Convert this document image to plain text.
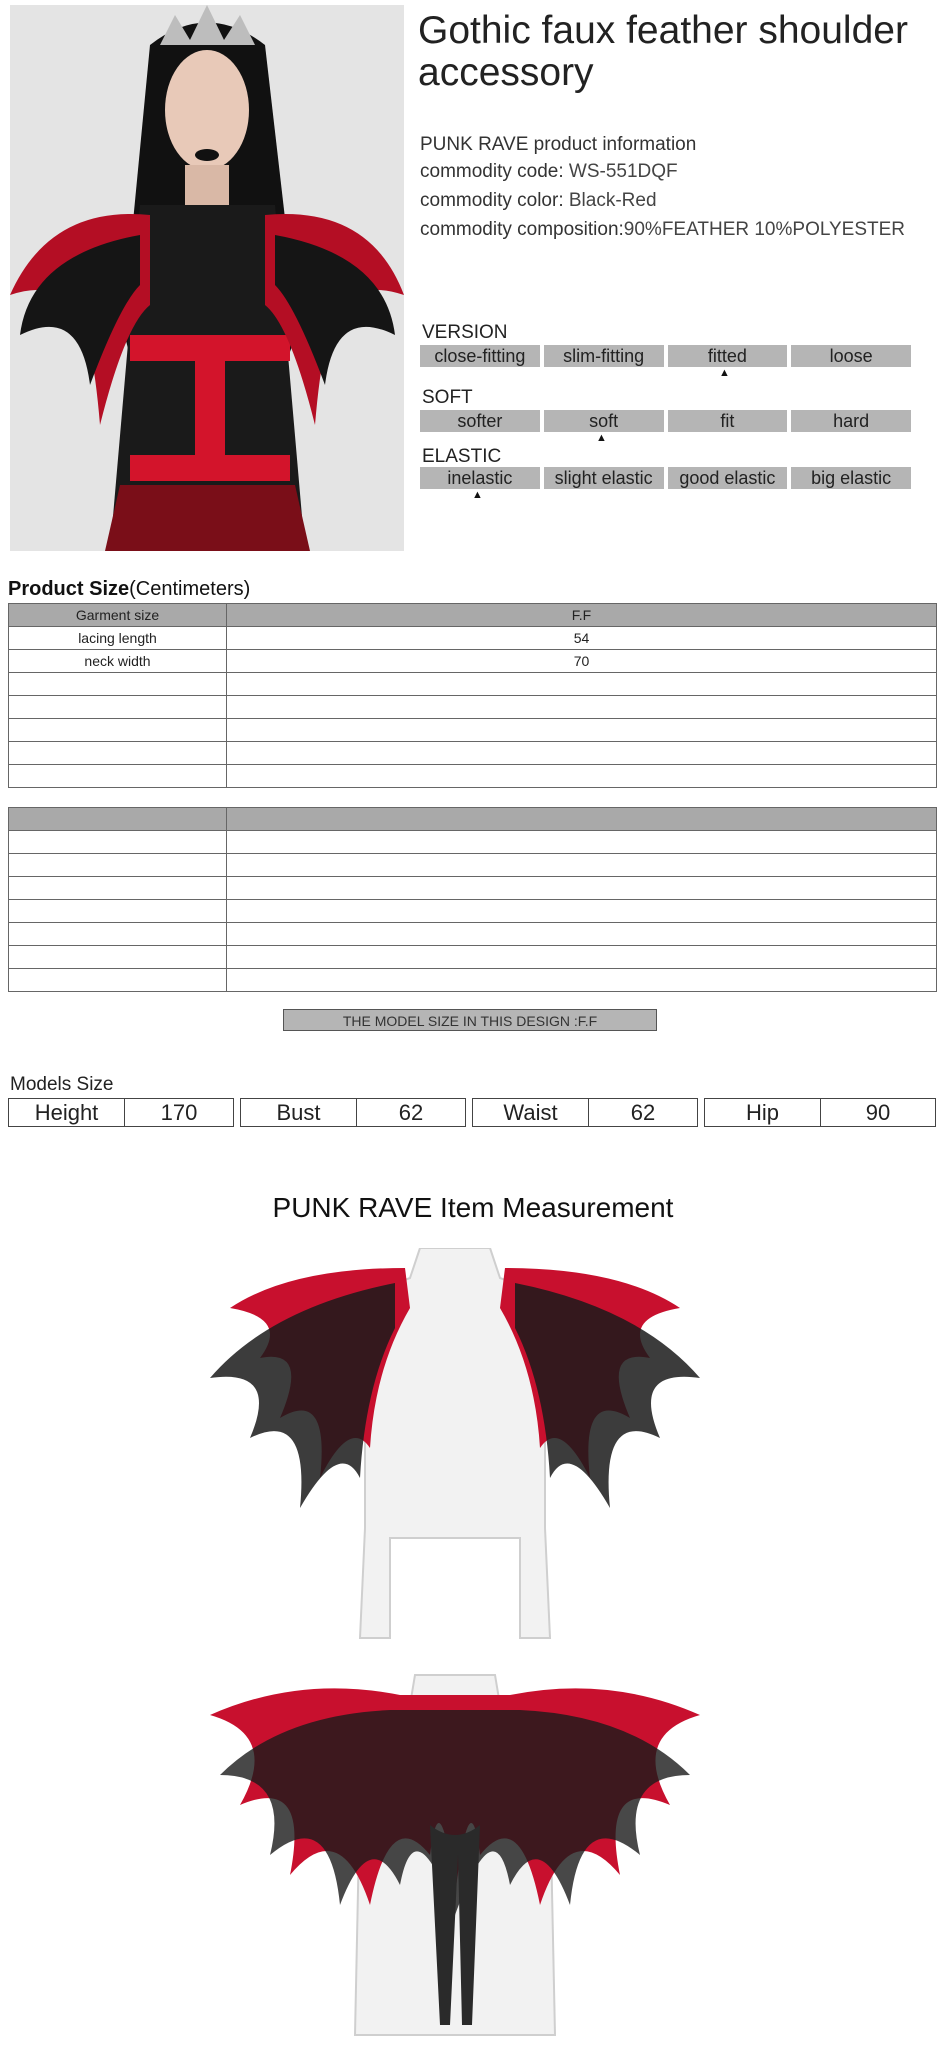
Gothic faux feather shoulder accessory
PUNK RAVE product information
commodity code: WS-551DQF
commodity color: Black-Red
commodity composition:90%FEATHER 10%POLYESTER
VERSION
close-fitting	slim-fitting	fitted	loose
▲
SOFT
softer	soft	fit	hard
▲
ELASTIC
inelastic	slight elastic	good elastic	big elastic
▲
Product Size(Centimeters)
Garment size	F.F
lacing length	54
neck width	70

THE MODEL SIZE IN THIS DESIGN :F.F
Models Size
Height	170	Bust	62	Waist	62	Hip	90
PUNK RAVE Item Measurement
